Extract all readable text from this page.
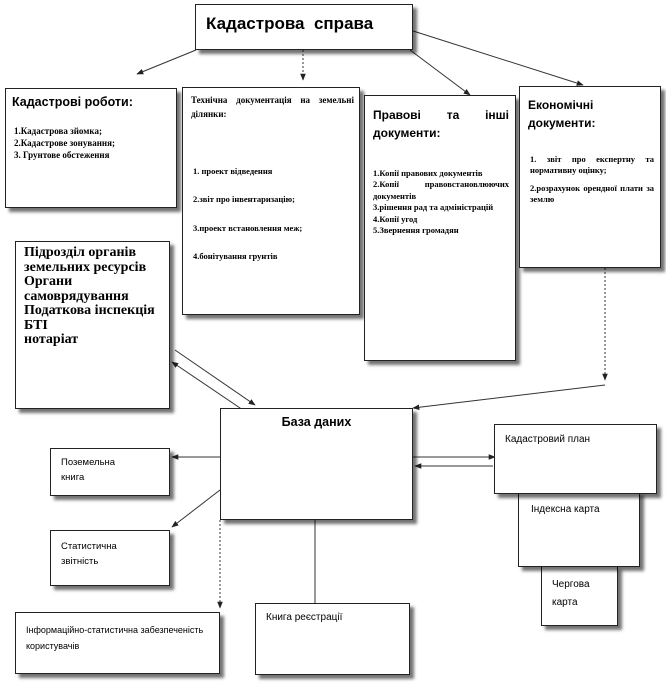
Кадастрова  справа
Кадастрові роботи:
1.Кадастрова зйомка;
2.Кадастрове зонування;
3. Грунтове обстеження
Технічна документація на земельні ділянки:
1. проект відведення
2.звіт про інвентаризацію;
3.проект встановлення меж;
4.бонітування грунтів
Правові та інші документи:
1.Копії правових документів
2.Копії правовстановлюючих документів
3.рішення рад та адміністрацій
4.Копії угод
5.Звернення громадян
Економічні документи:
1. звіт про експертну та нормативну оцінку;
2.розрахунок орендної плати за землю
Підрозділ органів земельних ресурсів
Органи самоврядування
Податкова інспекція
БТІ
нотаріат
База даних
Поземельна книга
Статистична звітність
Інформаційно-статистична забезпеченість користувачів
Книга реєстрації
Чергова карта
Індексна карта
Кадастровий план
